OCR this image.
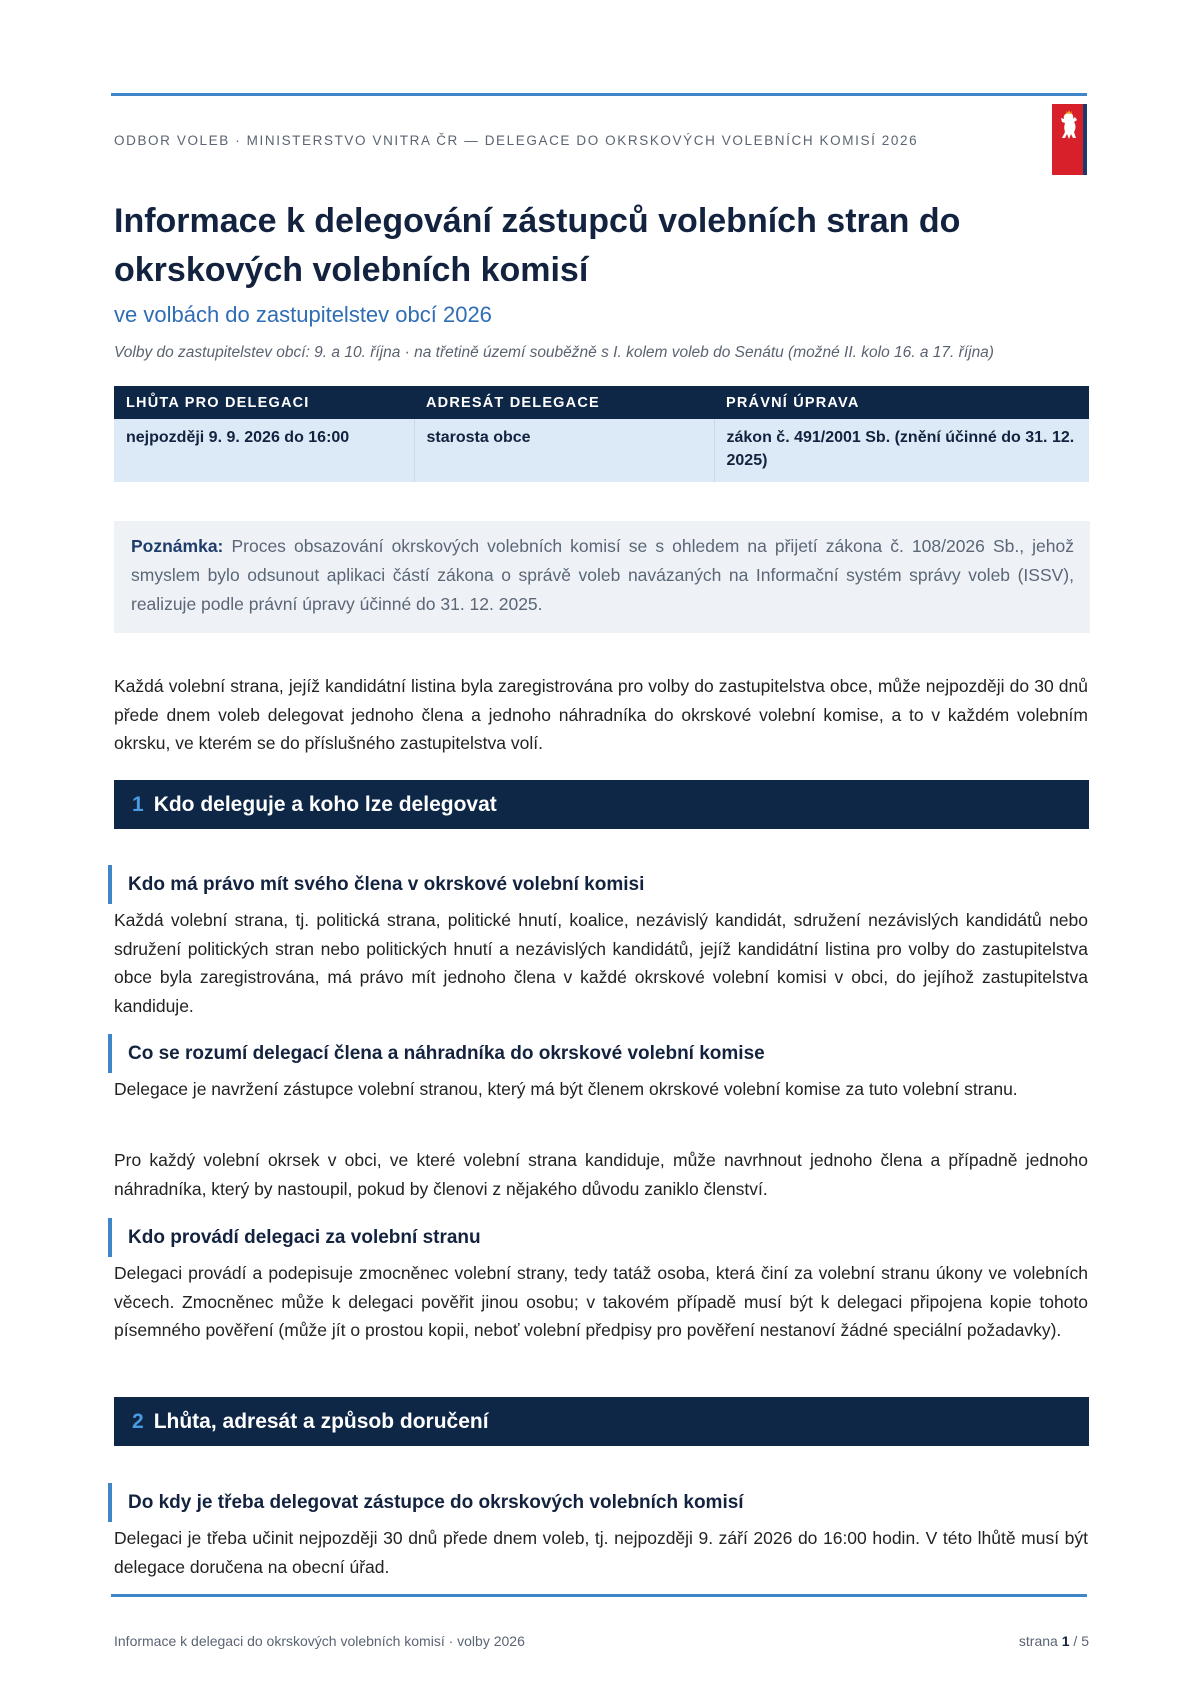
ODBOR VOLEB · MINISTERSTVO VNITRA ČR — DELEGACE DO OKRSKOVÝCH VOLEBNÍCH KOMISÍ 2026
Informace k delegování zástupců volebních stran do okrskových volebních komisí
ve volbách do zastupitelstev obcí 2026
Volby do zastupitelstev obcí: 9. a 10. října · na třetině území souběžně s I. kolem voleb do Senátu (možné II. kolo 16. a 17. října)
LHŮTA PRO DELEGACI	ADRESÁT DELEGACE	PRÁVNÍ ÚPRAVA
nejpozději 9. 9. 2026 do 16:00	starosta obce	zákon č. 491/2001 Sb. (znění účinné do 31. 12. 2025)
Poznámka: Proces obsazování okrskových volebních komisí se s ohledem na přijetí zákona č. 108/2026 Sb., jehož smyslem bylo odsunout aplikaci částí zákona o správě voleb navázaných na Informační systém správy voleb (ISSV), realizuje podle právní úpravy účinné do 31. 12. 2025.

Každá volební strana, jejíž kandidátní listina byla zaregistrována pro volby do zastupitelstva obce, může nejpozději do 30 dnů přede dnem voleb delegovat jednoho člena a jednoho náhradníka do okrskové volební komise, a to v každém volebním okrsku, ve kterém se do příslušného zastupitelstva volí.

1 Kdo deleguje a koho lze delegovat
Kdo má právo mít svého člena v okrskové volební komisi

Každá volební strana, tj. politická strana, politické hnutí, koalice, nezávislý kandidát, sdružení nezávislých kandidátů nebo sdružení politických stran nebo politických hnutí a nezávislých kandidátů, jejíž kandidátní listina pro volby do zastupitelstva obce byla zaregistrována, má právo mít jednoho člena v každé okrskové volební komisi v obci, do jejíhož zastupitelstva kandiduje.

Co se rozumí delegací člena a náhradníka do okrskové volební komise

Delegace je navržení zástupce volební stranou, který má být členem okrskové volební komise za tuto volební stranu.

Pro každý volební okrsek v obci, ve které volební strana kandiduje, může navrhnout jednoho člena a případně jednoho náhradníka, který by nastoupil, pokud by členovi z nějakého důvodu zaniklo členství.

Kdo provádí delegaci za volební stranu

Delegaci provádí a podepisuje zmocněnec volební strany, tedy tatáž osoba, která činí za volební stranu úkony ve volebních věcech. Zmocněnec může k delegaci pověřit jinou osobu; v takovém případě musí být k delegaci připojena kopie tohoto písemného pověření (může jít o prostou kopii, neboť volební předpisy pro pověření nestanoví žádné speciální požadavky).

2 Lhůta, adresát a způsob doručení
Do kdy je třeba delegovat zástupce do okrskových volebních komisí

Delegaci je třeba učinit nejpozději 30 dnů přede dnem voleb, tj. nejpozději 9. září 2026 do 16:00 hodin. V této lhůtě musí být delegace doručena na obecní úřad.

Informace k delegaci do okrskových volebních komisí · volby 2026	strana 1 / 5
